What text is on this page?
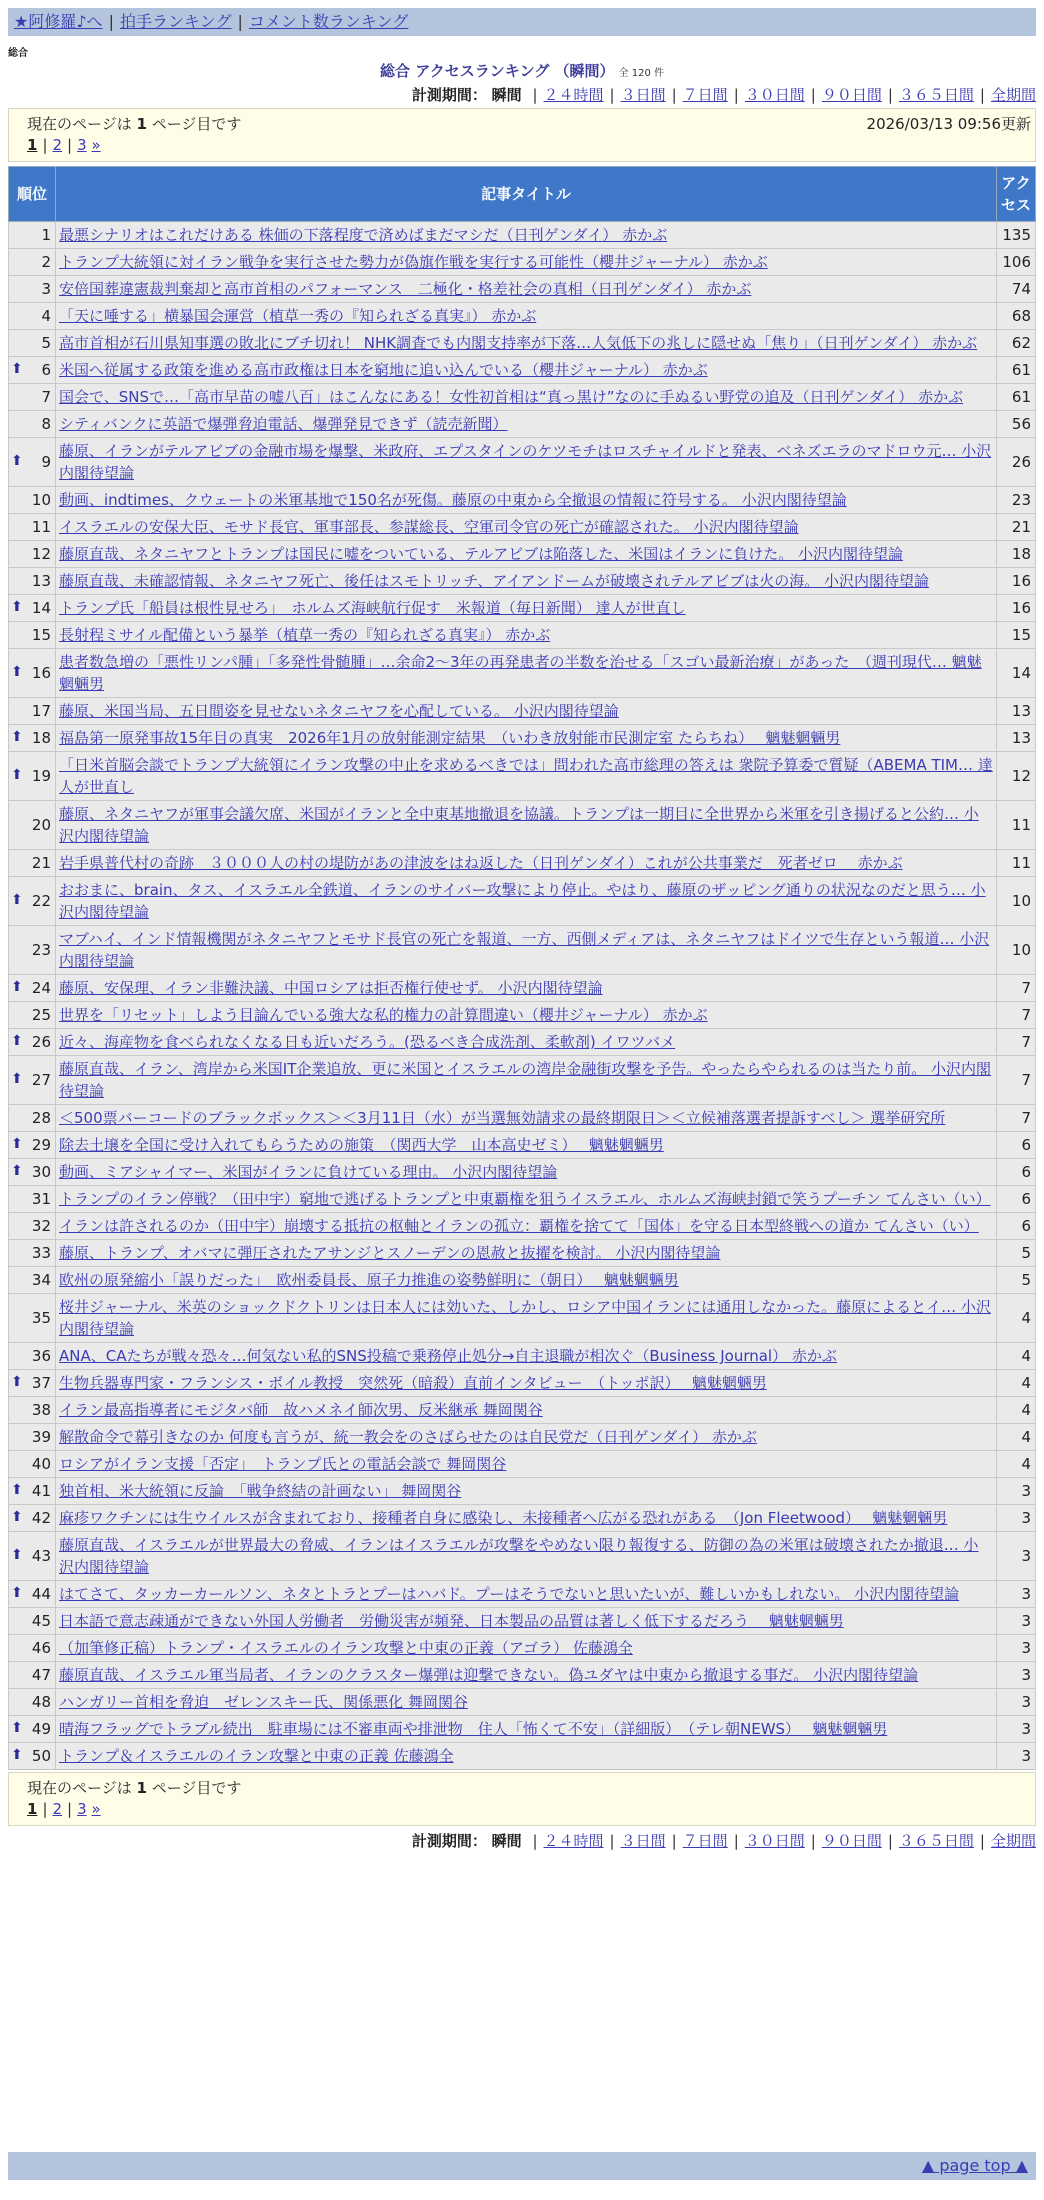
★阿修羅♪へ | 拍手ランキング | コメント数ランキング
総合
総合 アクセスランキング （瞬間） 全 120 件
計測期間： 瞬間 | ２４時間 | ３日間 | ７日間 | ３０日間 | ９０日間 | ３６５日間 | 全期間
現在のページは 1 ページ目です	2026/03/13 09:56更新
1 | 2 | 3 »
順位	記事タイトル	アクセス
1	最悪シナリオはこれだけある 株価の下落程度で済めばまだマシだ（日刊ゲンダイ） 赤かぶ	135
2	トランプ大統領に対イラン戦争を実行させた勢力が偽旗作戦を実行する可能性（櫻井ジャーナル） 赤かぶ	106
3	安倍国葬違憲裁判棄却と高市首相のパフォーマンス　二極化・格差社会の真相（日刊ゲンダイ） 赤かぶ	74
4	「天に唾する」横暴国会運営（植草一秀の『知られざる真実』） 赤かぶ	68
5	高市首相が石川県知事選の敗北にブチ切れ！ NHK調査でも内閣支持率が下落…人気低下の兆しに隠せぬ「焦り」（日刊ゲンダイ） 赤かぶ	62

⬆ 6	米国へ従属する政策を進める高市政権は日本を窮地に追い込んでいる（櫻井ジャーナル） 赤かぶ	61
7	国会で、SNSで…「高市早苗の嘘八百」はこんなにある！女性初首相は“真っ黒け”なのに手ぬるい野党の追及（日刊ゲンダイ） 赤かぶ	61
8	シティバンクに英語で爆弾脅迫電話、爆弾発見できず（読売新聞）	56

⬆ 9	藤原、イランがテルアビブの金融市場を爆撃、米政府、エプスタインのケツモチはロスチャイルドと発表、ベネズエラのマドロウ元… 小沢内閣待望論	26
10	動画、indtimes、クウェートの米軍基地で150名が死傷。藤原の中東から全撤退の情報に符号する。 小沢内閣待望論	23
11	イスラエルの安保大臣、モサド長官、軍事部長、参謀総長、空軍司令官の死亡が確認された。 小沢内閣待望論	21
12	藤原直哉、ネタニヤフとトランプは国民に嘘をついている、テルアビブは陥落した、米国はイランに負けた。 小沢内閣待望論	18
13	藤原直哉、未確認情報、ネタニヤフ死亡、後任はスモトリッチ、アイアンドームが破壊されテルアビブは火の海。 小沢内閣待望論	16

⬆ 14	トランプ氏「船員は根性見せろ」　ホルムズ海峡航行促す　米報道（毎日新聞） 達人が世直し	16
15	長射程ミサイル配備という暴挙（植草一秀の『知られざる真実』） 赤かぶ	15

⬆ 16	患者数急増の「悪性リンパ腫」「多発性骨髄腫」…余命2〜3年の再発患者の半数を治せる「スゴい最新治療」があった　（週刊現代… 魑魅魍魎男	14
17	藤原、米国当局、五日間姿を見せないネタニヤフを心配している。 小沢内閣待望論	13

⬆ 18	福島第一原発事故15年目の真実　2026年1月の放射能測定結果　（いわき放射能市民測定室 たらちね）　 魑魅魍魎男	13

⬆ 19	「日米首脳会談でトランプ大統領にイラン攻撃の中止を求めるべきでは」問われた高市総理の答えは 衆院予算委で質疑（ABEMA TIM… 達人が世直し	12
20	藤原、ネタニヤフが軍事会議欠席、米国がイランと全中東基地撤退を協議。トランプは一期目に全世界から米軍を引き揚げると公約… 小沢内閣待望論	11
21	岩手県普代村の奇跡　３０００人の村の堤防があの津波をはね返した（日刊ゲンダイ）これが公共事業だ　死者ゼロ　 赤かぶ	11

⬆ 22	おおまに、brain、タス、イスラエル全鉄道、イランのサイバー攻撃により停止。やはり、藤原のザッピング通りの状況なのだと思う… 小沢内閣待望論	10
23	マブハイ、インド情報機関がネタニヤフとモサド長官の死亡を報道、一方、西側メディアは、ネタニヤフはドイツで生存という報道… 小沢内閣待望論	10

⬆ 24	藤原、安保理、イラン非難決議、中国ロシアは拒否権行使せず。 小沢内閣待望論	7
25	世界を「リセット」しよう目論んでいる強大な私的権力の計算間違い（櫻井ジャーナル） 赤かぶ	7

⬆ 26	近々、海産物を食べられなくなる日も近いだろう。(恐るべき合成洗剤、柔軟剤) イワツバメ	7

⬆ 27	藤原直哉、イラン、湾岸から米国IT企業追放、更に米国とイスラエルの湾岸金融街攻撃を予告。やったらやられるのは当たり前。 小沢内閣待望論	7
28	＜500票バーコードのブラックボックス＞＜3月11日（水）が当選無効請求の最終期限日＞＜立候補落選者提訴すべし＞ 選挙研究所	7

⬆ 29	除去土壌を全国に受け入れてもらうための施策　（関西大学　山本高史ゼミ）　 魑魅魍魎男	6

⬆ 30	動画、ミアシャイマー、米国がイランに負けている理由。 小沢内閣待望論	6
31	トランプのイラン停戦？（田中宇）窮地で逃げるトランプと中東覇権を狙うイスラエル、ホルムズ海峡封鎖で笑うプーチン てんさい（い）	6
32	イランは許されるのか（田中宇）崩壊する抵抗の枢軸とイランの孤立：覇権を捨てて「国体」を守る日本型終戦への道か てんさい（い）	6
33	藤原、トランプ、オバマに弾圧されたアサンジとスノーデンの恩赦と抜擢を検討。 小沢内閣待望論	5
34	欧州の原発縮小「誤りだった」　欧州委員長、原子力推進の姿勢鮮明に（朝日）　 魑魅魍魎男	5
35	桜井ジャーナル、米英のショックドクトリンは日本人には効いた、しかし、ロシア中国イランには通用しなかった。藤原によるとイ… 小沢内閣待望論	4
36	ANA、CAたちが戦々恐々…何気ない私的SNS投稿で乗務停止処分→自主退職が相次ぐ（Business Journal） 赤かぶ	4

⬆ 37	生物兵器専門家・フランシス・ボイル教授　突然死（暗殺）直前インタビュー　（トッポ訳）　 魑魅魍魎男	4
38	イラン最高指導者にモジタバ師　故ハメネイ師次男、反米継承 舞岡関谷	4
39	解散命令で幕引きなのか 何度も言うが、統一教会をのさばらせたのは自民党だ（日刊ゲンダイ） 赤かぶ	4
40	ロシアがイラン支援「否定」　トランプ氏との電話会談で 舞岡関谷	4

⬆ 41	独首相、米大統領に反論　「戦争終結の計画ない」 舞岡関谷	3

⬆ 42	麻疹ワクチンには生ウイルスが含まれており、接種者自身に感染し、未接種者へ広がる恐れがある　（Jon Fleetwood）　 魑魅魍魎男	3

⬆ 43	藤原直哉、イスラエルが世界最大の脅威、イランはイスラエルが攻撃をやめない限り報復する、防御の為の米軍は破壊されたか撤退… 小沢内閣待望論	3

⬆ 44	はてさて、タッカーカールソン、ネタとトラとプーはハバド。プーはそうでないと思いたいが、難しいかもしれない。 小沢内閣待望論	3
45	日本語で意志疎通ができない外国人労働者　労働災害が頻発、日本製品の品質は著しく低下するだろう　 魑魅魍魎男	3
46	（加筆修正稿）トランプ・イスラエルのイラン攻撃と中東の正義（アゴラ） 佐藤鴻全	3
47	藤原直哉、イスラエル軍当局者、イランのクラスター爆弾は迎撃できない。偽ユダヤは中東から撤退する事だ。 小沢内閣待望論	3
48	ハンガリー首相を脅迫　ゼレンスキー氏、関係悪化 舞岡関谷	3

⬆ 49	晴海フラッグでトラブル続出　駐車場には不審車両や排泄物　住人「怖くて不安」（詳細版）　（テレ朝NEWS）　 魑魅魍魎男	3

⬆ 50	トランプ＆イスラエルのイラン攻撃と中東の正義 佐藤鴻全	3
現在のページは 1 ページ目です
1 | 2 | 3 »
計測期間： 瞬間 | ２４時間 | ３日間 | ７日間 | ３０日間 | ９０日間 | ３６５日間 | 全期間
▲ page top ▲
